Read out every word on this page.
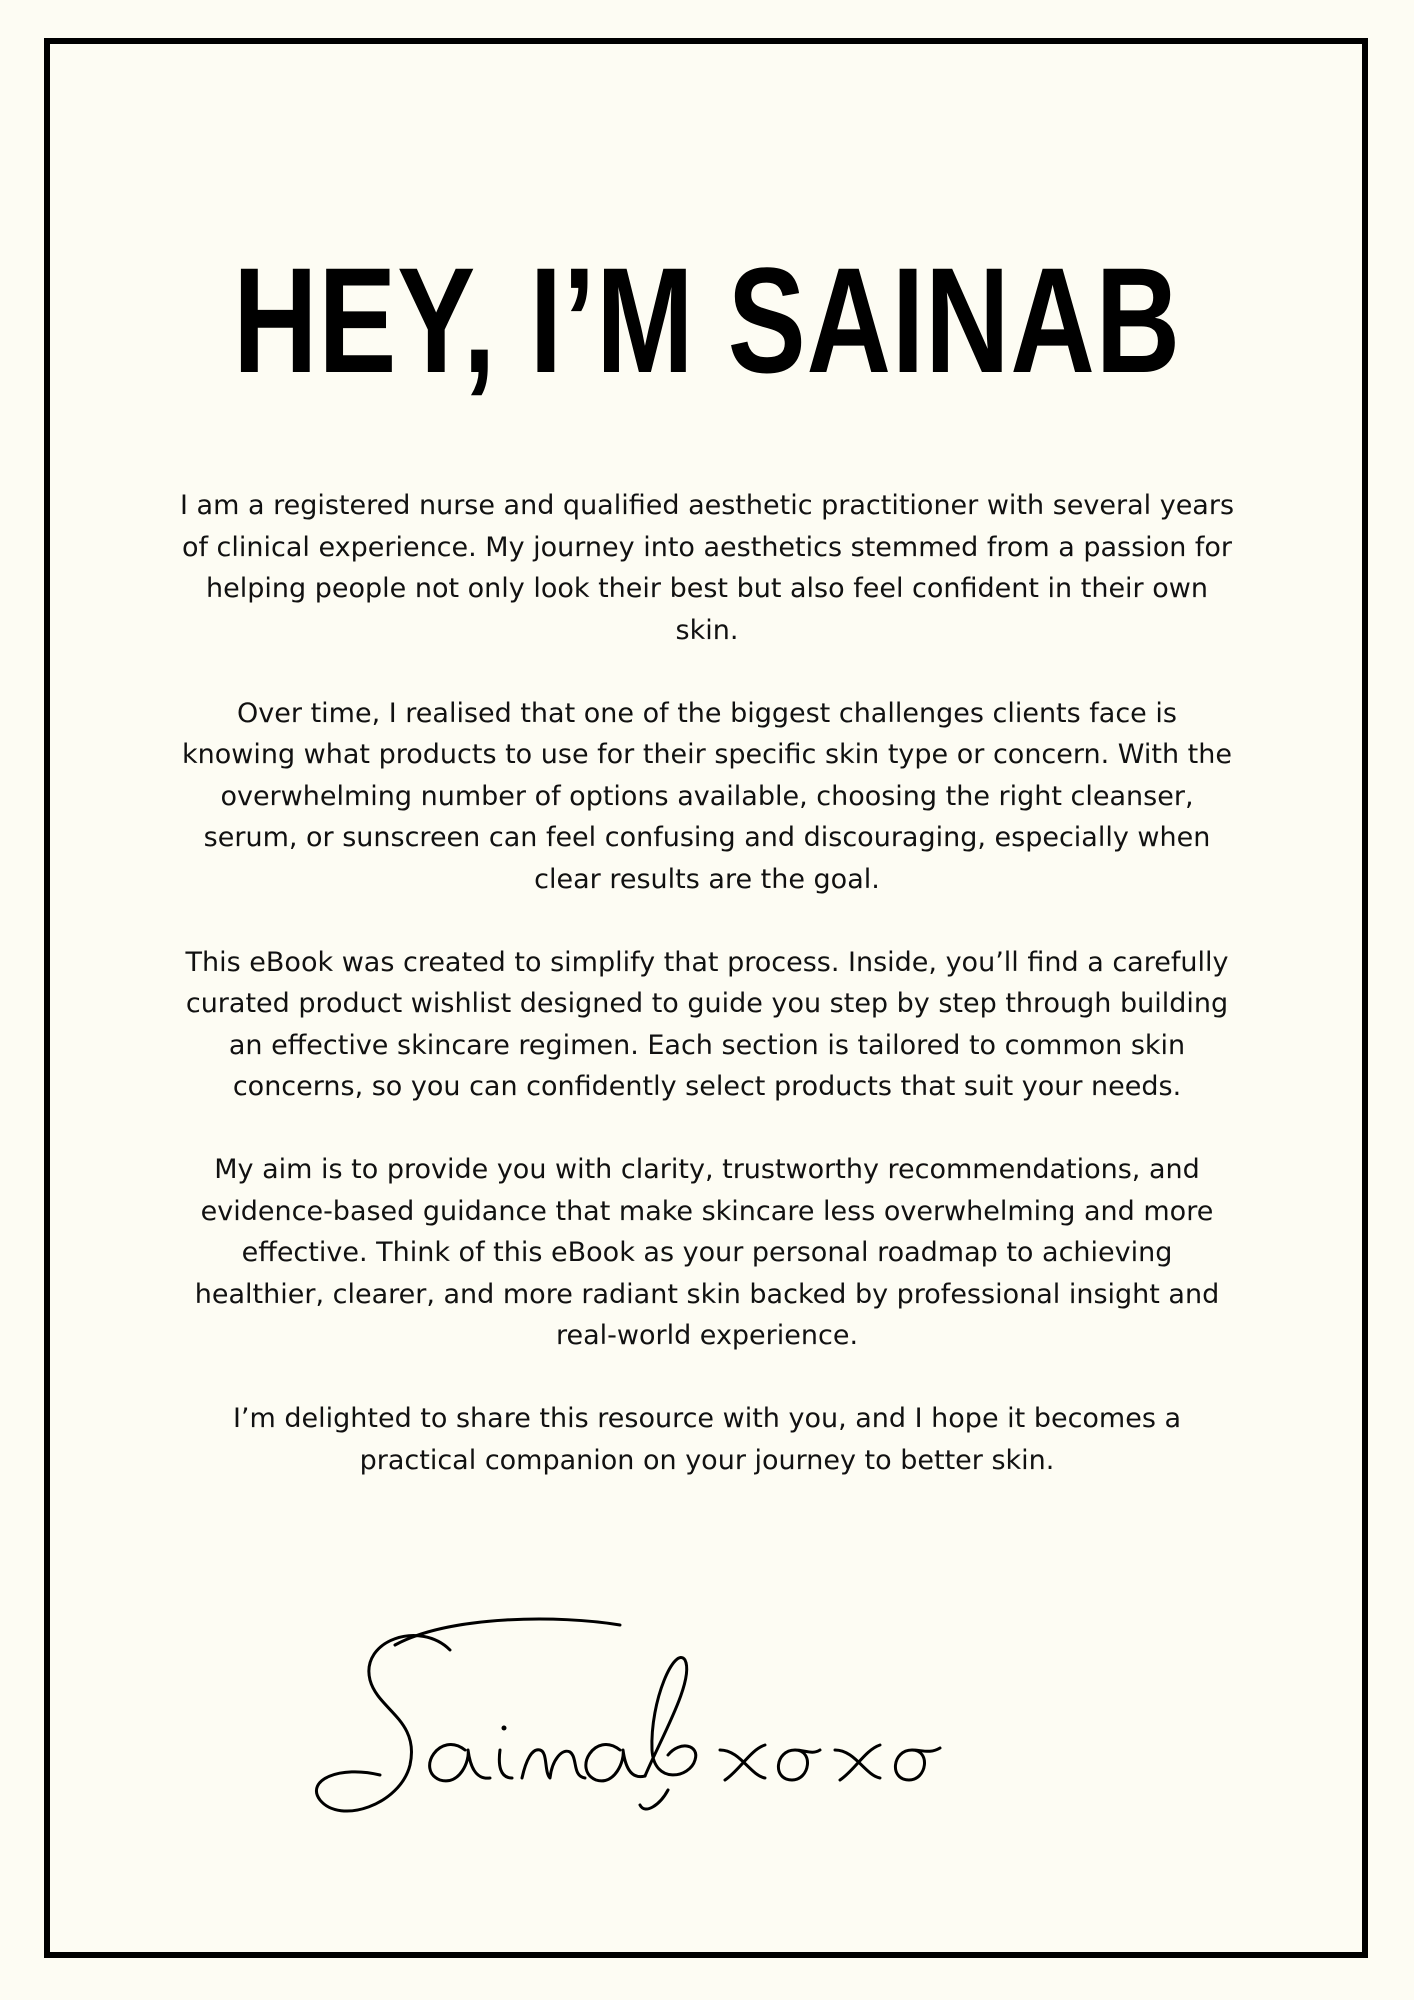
HEY, I’M SAINAB

I am a registered nurse and qualified aesthetic practitioner with several years of clinical experience. My journey into aesthetics stemmed from a passion for helping people not only look their best but also feel confident in their own skin.

Over time, I realised that one of the biggest challenges clients face is knowing what products to use for their specific skin type or concern. With the overwhelming number of options available, choosing the right cleanser, serum, or sunscreen can feel confusing and discouraging, especially when clear results are the goal.

This eBook was created to simplify that process. Inside, you’ll find a carefully curated product wishlist designed to guide you step by step through building an effective skincare regimen. Each section is tailored to common skin concerns, so you can confidently select products that suit your needs.

My aim is to provide you with clarity, trustworthy recommendations, and evidence-based guidance that make skincare less overwhelming and more effective. Think of this eBook as your personal roadmap to achieving healthier, clearer, and more radiant skin backed by professional insight and real-world experience.

I’m delighted to share this resource with you, and I hope it becomes a practical companion on your journey to better skin.
